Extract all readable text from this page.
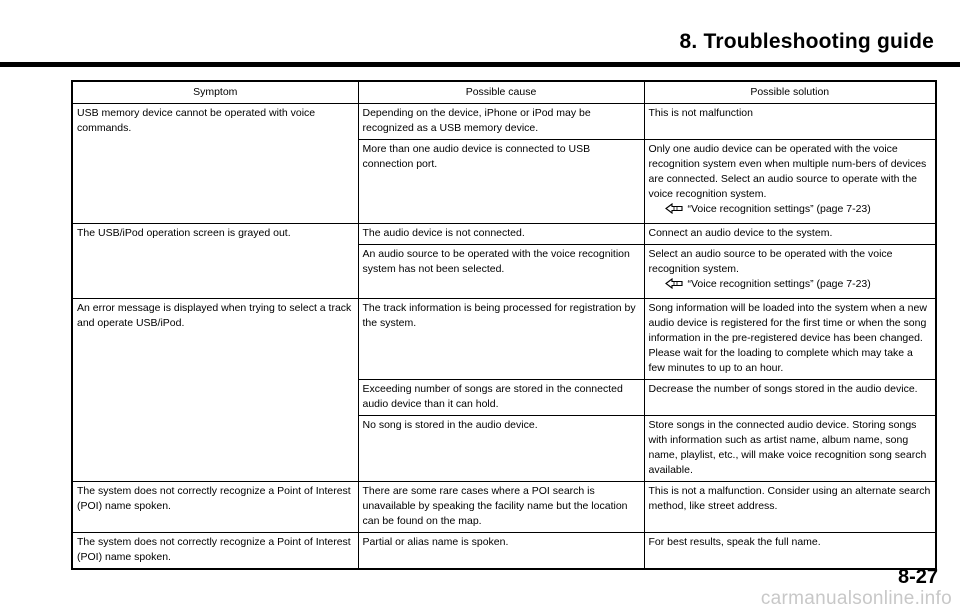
8. Troubleshooting guide
Symptom	Possible cause	Possible solution
USB memory device cannot be operated with voice commands.	Depending on the device, iPhone or iPod may be recognized as a USB memory device.	This is not malfunction
	More than one audio device is connected to USB connection port.	Only one audio device can be operated with the voice recognition system even when multiple num-bers of devices are connected. Select an audio source to operate with the voice recognition system.
“Voice recognition settings” (page 7-23)

The USB/iPod operation screen is grayed out.	The audio device is not connected.	Connect an audio device to the system.
	An audio source to be operated with the voice recognition system has not been selected.	Select an audio source to be operated with the voice recognition system.
“Voice recognition settings” (page 7-23)

An error message is displayed when trying to select a track and operate USB/iPod.	The track information is being processed for registration by the system.	Song information will be loaded into the system when a new audio device is registered for the first time or when the song information in the pre-registered device has been changed. Please wait for the loading to complete which may take a few minutes to up to an hour.
	Exceeding number of songs are stored in the connected audio device than it can hold.	Decrease the number of songs stored in the audio device.
	No song is stored in the audio device.	Store songs in the connected audio device. Storing songs with information such as artist name, album name, song name, playlist, etc., will make voice recognition song search available.
The system does not correctly recognize a Point of Interest (POI) name spoken.	There are some rare cases where a POI search is unavailable by speaking the facility name but the location can be found on the map.	This is not a malfunction. Consider using an alternate search method, like street address.
The system does not correctly recognize a Point of Interest (POI) name spoken.	Partial or alias name is spoken.	For best results, speak the full name.
8-27
carmanualsonline.info
